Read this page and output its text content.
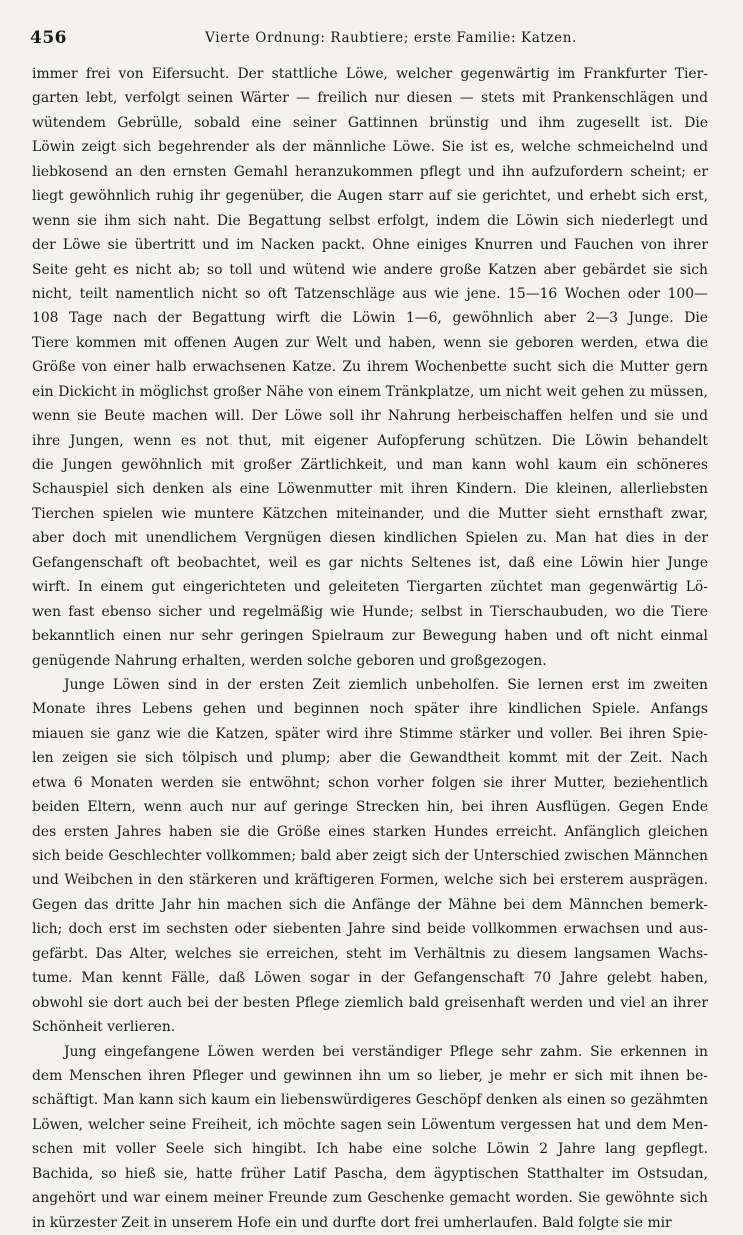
456	Vierte Ordnung: Raubtiere; erste Familie: Katzen.
immer frei von Eifersucht. Der stattliche Löwe, welcher gegenwärtig im Frankfurter Tier-
garten lebt, verfolgt seinen Wärter — freilich nur diesen — stets mit Prankenschlägen und
wütendem Gebrülle, sobald eine seiner Gattinnen brünstig und ihm zugesellt ist. Die
Löwin zeigt sich begehrender als der männliche Löwe. Sie ist es, welche schmeichelnd und
liebkosend an den ernsten Gemahl heranzukommen pflegt und ihn aufzufordern scheint; er
liegt gewöhnlich ruhig ihr gegenüber, die Augen starr auf sie gerichtet, und erhebt sich erst,
wenn sie ihm sich naht. Die Begattung selbst erfolgt, indem die Löwin sich niederlegt und
der Löwe sie übertritt und im Nacken packt. Ohne einiges Knurren und Fauchen von ihrer
Seite geht es nicht ab; so toll und wütend wie andere große Katzen aber gebärdet sie sich
nicht, teilt namentlich nicht so oft Tatzenschläge aus wie jene. 15—16 Wochen oder 100—
108 Tage nach der Begattung wirft die Löwin 1—6, gewöhnlich aber 2—3 Junge. Die
Tiere kommen mit offenen Augen zur Welt und haben, wenn sie geboren werden, etwa die
Größe von einer halb erwachsenen Katze. Zu ihrem Wochenbette sucht sich die Mutter gern
ein Dickicht in möglichst großer Nähe von einem Tränkplatze, um nicht weit gehen zu müssen,
wenn sie Beute machen will. Der Löwe soll ihr Nahrung herbeischaffen helfen und sie und
ihre Jungen, wenn es not thut, mit eigener Aufopferung schützen. Die Löwin behandelt
die Jungen gewöhnlich mit großer Zärtlichkeit, und man kann wohl kaum ein schöneres
Schauspiel sich denken als eine Löwenmutter mit ihren Kindern. Die kleinen, allerliebsten
Tierchen spielen wie muntere Kätzchen miteinander, und die Mutter sieht ernsthaft zwar,
aber doch mit unendlichem Vergnügen diesen kindlichen Spielen zu. Man hat dies in der
Gefangenschaft oft beobachtet, weil es gar nichts Seltenes ist, daß eine Löwin hier Junge
wirft. In einem gut eingerichteten und geleiteten Tiergarten züchtet man gegenwärtig Lö-
wen fast ebenso sicher und regelmäßig wie Hunde; selbst in Tierschaubuden, wo die Tiere
bekanntlich einen nur sehr geringen Spielraum zur Bewegung haben und oft nicht einmal
genügende Nahrung erhalten, werden solche geboren und großgezogen.
Junge Löwen sind in der ersten Zeit ziemlich unbeholfen. Sie lernen erst im zweiten
Monate ihres Lebens gehen und beginnen noch später ihre kindlichen Spiele. Anfangs
miauen sie ganz wie die Katzen, später wird ihre Stimme stärker und voller. Bei ihren Spie-
len zeigen sie sich tölpisch und plump; aber die Gewandtheit kommt mit der Zeit. Nach
etwa 6 Monaten werden sie entwöhnt; schon vorher folgen sie ihrer Mutter, beziehentlich
beiden Eltern, wenn auch nur auf geringe Strecken hin, bei ihren Ausflügen. Gegen Ende
des ersten Jahres haben sie die Größe eines starken Hundes erreicht. Anfänglich gleichen
sich beide Geschlechter vollkommen; bald aber zeigt sich der Unterschied zwischen Männchen
und Weibchen in den stärkeren und kräftigeren Formen, welche sich bei ersterem ausprägen.
Gegen das dritte Jahr hin machen sich die Anfänge der Mähne bei dem Männchen bemerk-
lich; doch erst im sechsten oder siebenten Jahre sind beide vollkommen erwachsen und aus-
gefärbt. Das Alter, welches sie erreichen, steht im Verhältnis zu diesem langsamen Wachs-
tume. Man kennt Fälle, daß Löwen sogar in der Gefangenschaft 70 Jahre gelebt haben,
obwohl sie dort auch bei der besten Pflege ziemlich bald greisenhaft werden und viel an ihrer
Schönheit verlieren.
Jung eingefangene Löwen werden bei verständiger Pflege sehr zahm. Sie erkennen in
dem Menschen ihren Pfleger und gewinnen ihn um so lieber, je mehr er sich mit ihnen be-
schäftigt. Man kann sich kaum ein liebenswürdigeres Geschöpf denken als einen so gezähmten
Löwen, welcher seine Freiheit, ich möchte sagen sein Löwentum vergessen hat und dem Men-
schen mit voller Seele sich hingibt. Ich habe eine solche Löwin 2 Jahre lang gepflegt.
Bachida, so hieß sie, hatte früher Latif Pascha, dem ägyptischen Statthalter im Ostsudan,
angehört und war einem meiner Freunde zum Geschenke gemacht worden. Sie gewöhnte sich
in kürzester Zeit in unserem Hofe ein und durfte dort frei umherlaufen. Bald folgte sie mir
